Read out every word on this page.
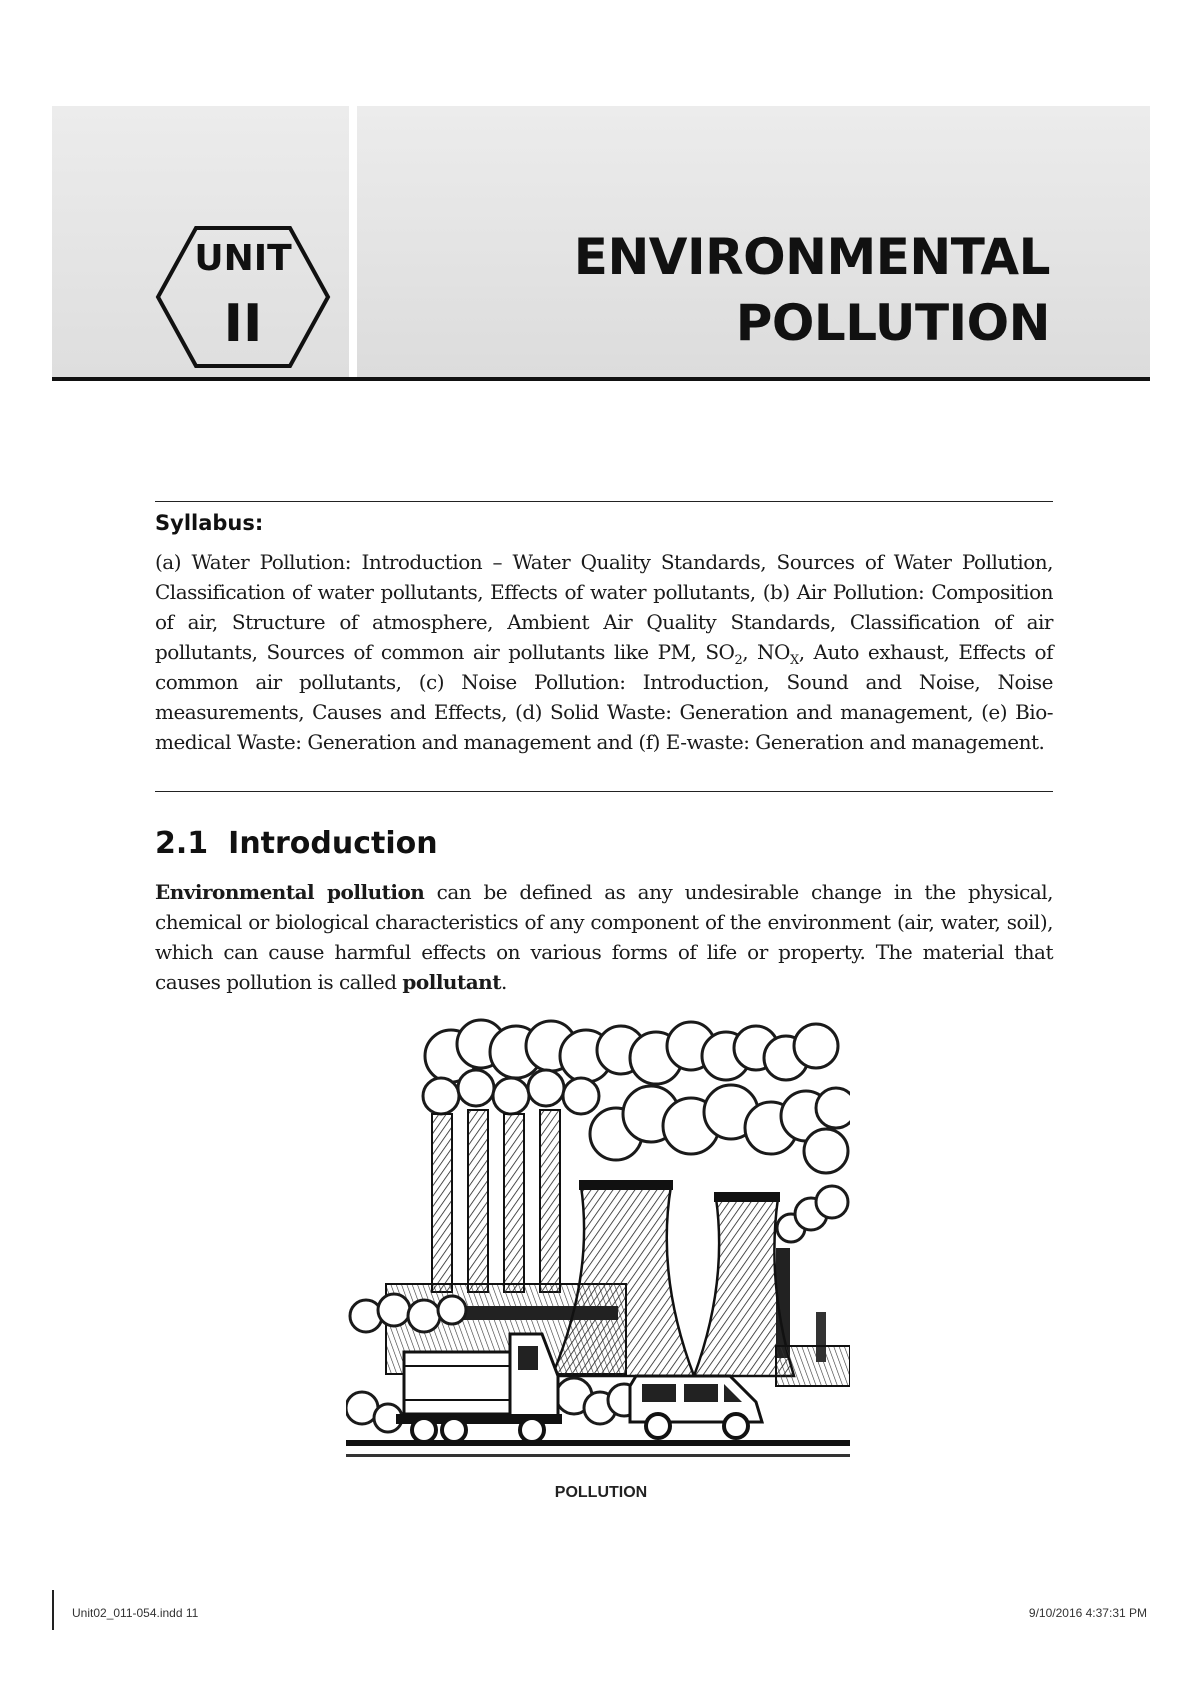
UNIT
II
ENVIRONMENTAL
POLLUTION
Syllabus:

(a) Water Pollution: Introduction – Water Quality Standards, Sources of Water Pollution, Classification of water pollutants, Effects of water pollutants, (b) Air Pollution: Composition of air, Structure of atmosphere, Ambient Air Quality Standards, Classification of air pollutants, Sources of common air pollutants like PM, $SO_2$, $NO_X$, Auto exhaust, Effects of common air pollutants, (c) Noise Pollution: Introduction, Sound and Noise, Noise measurements, Causes and Effects, (d) Solid Waste: Generation and management, (e) Bio-medical Waste: Generation and management and (f) E-waste: Generation and management.

2.1 Introduction

Environmental pollution can be defined as any undesirable change in the physical, chemical or biological characteristics of any component of the environment (air, water, soil), which can cause harmful effects on various forms of life or property. The material that causes pollution is called pollutant.

POLLUTION
Unit02_011-054.indd 11	9/10/2016 4:37:31 PM
